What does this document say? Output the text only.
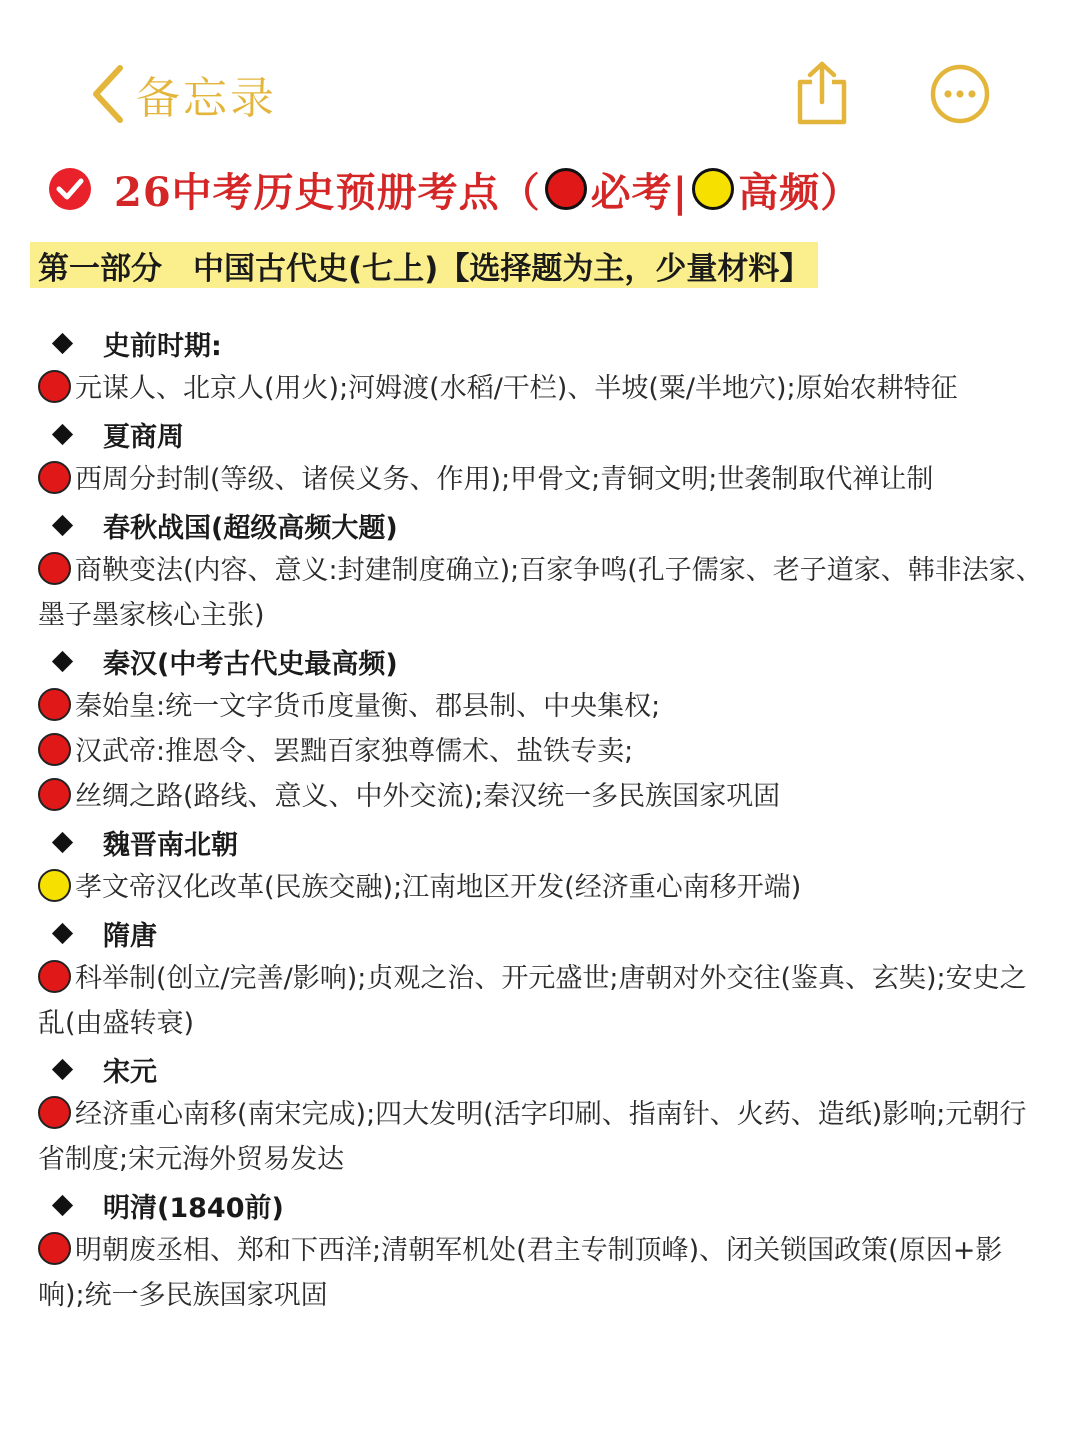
备忘录
26中考历史预册考点（ 必考| 高频）
第一部分　中国古代史(七上)【选择题为主，少量材料】
史前时期:
元谋人、北京人(用火);河姆渡(水稻/干栏)、半坡(粟/半地穴);原始农耕特征
夏商周
西周分封制(等级、诸侯义务、作用);甲骨文;青铜文明;世袭制取代禅让制
春秋战国(超级高频大题)
商鞅变法(内容、意义:封建制度确立);百家争鸣(孔子儒家、老子道家、韩非法家、墨子墨家核心主张)
秦汉(中考古代史最高频)
秦始皇:统一文字货币度量衡、郡县制、中央集权;
汉武帝:推恩令、罢黜百家独尊儒术、盐铁专卖;
丝绸之路(路线、意义、中外交流);秦汉统一多民族国家巩固
魏晋南北朝
孝文帝汉化改革(民族交融);江南地区开发(经济重心南移开端)
隋唐
科举制(创立/完善/影响);贞观之治、开元盛世;唐朝对外交往(鉴真、玄奘);安史之乱(由盛转衰)
宋元
经济重心南移(南宋完成);四大发明(活字印刷、指南针、火药、造纸)影响;元朝行省制度;宋元海外贸易发达
明清(1840前)
明朝废丞相、郑和下西洋;清朝军机处(君主专制顶峰)、闭关锁国政策(原因+影响);统一多民族国家巩固
